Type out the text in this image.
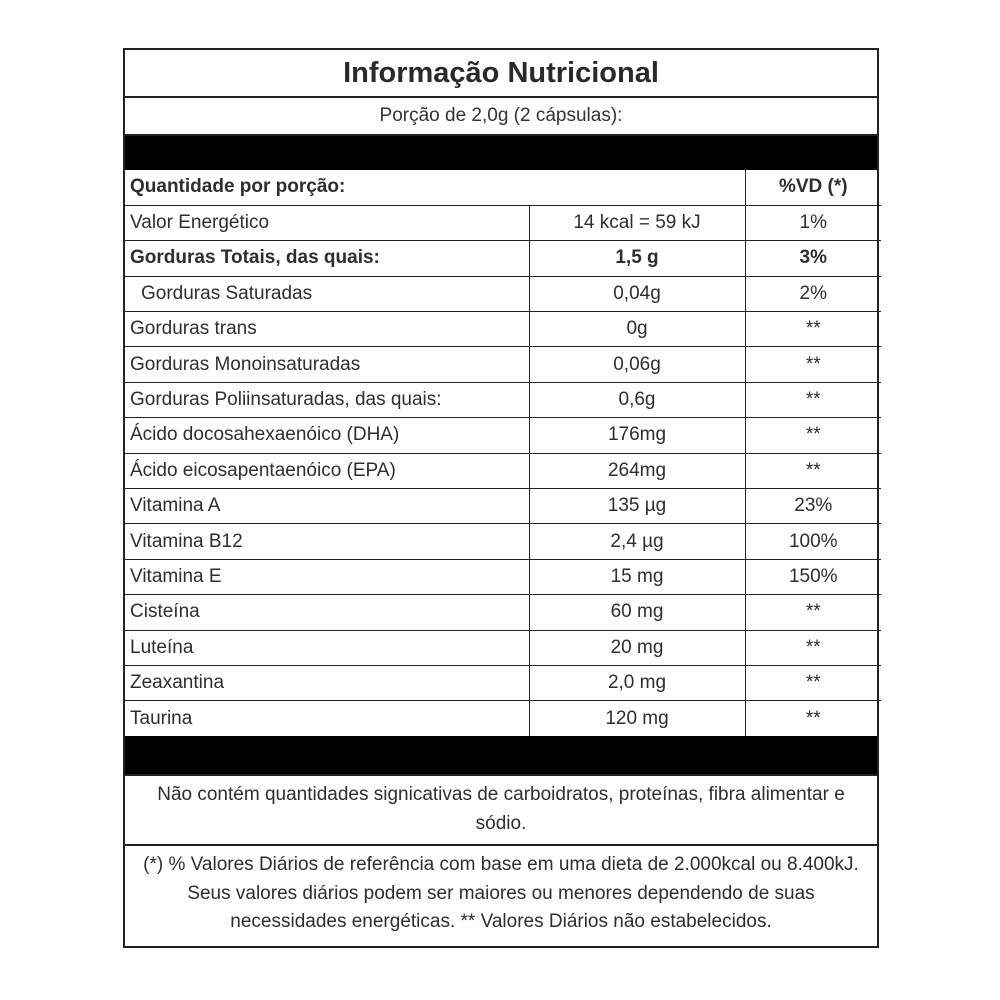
Informação Nutricional
Porção de 2,0g (2 cápsulas):
Quantidade por porção:		%VD (*)
Valor Energético	14 kcal = 59 kJ	1%
Gorduras Totais, das quais:	1,5 g	3%
Gorduras Saturadas	0,04g	2%
Gorduras trans	0g	**
Gorduras Monoinsaturadas	0,06g	**
Gorduras Poliinsaturadas, das quais:	0,6g	**
Ácido docosahexaenóico (DHA)	176mg	**
Ácido eicosapentaenóico (EPA)	264mg	**
Vitamina A	135 µg	23%
Vitamina B12	2,4 µg	100%
Vitamina E	15 mg	150%
Cisteína	60 mg	**
Luteína	20 mg	**
Zeaxantina	2,0 mg	**
Taurina	120 mg	**
Não contém quantidades signicativas de carboidratos, proteínas, fibra alimentar e sódio.
(*) % Valores Diários de referência com base em uma dieta de 2.000kcal ou 8.400kJ. Seus valores diários podem ser maiores ou menores dependendo de suas necessidades energéticas. ** Valores Diários não estabelecidos.
